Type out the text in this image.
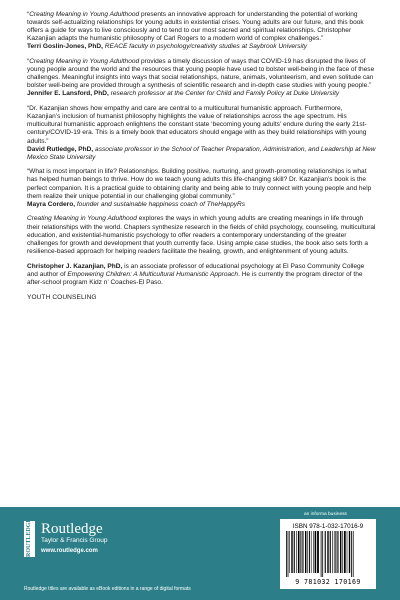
“Creating Meaning in Young Adulthood presents an innovative approach for understanding the potential of working towards self-actualizing relationships for young adults in existential crises. Young adults are our future, and this book offers a guide for ways to live consciously and to tend to our most sacred and spiritual relationships. Christopher Kazanjian adapts the humanistic philosophy of Carl Rogers to a modern world of complex challenges.”

Terri Goslin-Jones, PhD, REACE faculty in psychology/creativity studies at Saybrook University

“Creating Meaning in Young Adulthood provides a timely discussion of ways that COVID-19 has disrupted the lives of young people around the world and the resources that young people have used to bolster well-being in the face of these challenges. Meaningful insights into ways that social relationships, nature, animals, volunteerism, and even solitude can bolster well-being are provided through a synthesis of scientific research and in-depth case studies with young people.”

Jennifer E. Lansford, PhD, research professor at the Center for Child and Family Policy at Duke University

“Dr. Kazanjian shows how empathy and care are central to a multicultural humanistic approach. Furthermore, Kazanjian’s inclusion of humanist philosophy highlights the value of relationships across the age spectrum. His multicultural humanistic approach enlightens the constant state ‘becoming young adults’ endure during the early 21st-century/COVID-19 era. This is a timely book that educators should engage with as they build relationships with young adults.”

David Rutledge, PhD, associate professor in the School of Teacher Preparation, Administration, and Leadership at New Mexico State University

“What is most important in life? Relationships. Building positive, nurturing, and growth-promoting relationships is what has helped human beings to thrive. How do we teach young adults this life-changing skill? Dr. Kazanjian’s book is the perfect companion. It is a practical guide to obtaining clarity and being able to truly connect with young people and help them realize their unique potential in our challenging global community.”

Mayra Cordero, founder and sustainable happiness coach of TheHappyRs

Creating Meaning in Young Adulthood explores the ways in which young adults are creating meanings in life through their relationships with the world. Chapters synthesize research in the fields of child psychology, counseling, multicultural education, and existential-humanistic psychology to offer readers a contemporary understanding of the greater challenges for growth and development that youth currently face. Using ample case studies, the book also sets forth a resilience-based approach for helping readers facilitate the healing, growth, and enlightenment of young adults.

Christopher J. Kazanjian, PhD, is an associate professor of educational psychology at El Paso Community College and author of Empowering Children: A Multicultural Humanistic Approach. He is currently the program director of the after-school program Kidz n’ Coaches-El Paso.

YOUTH COUNSELING

ROUTLEDGE Routledge
Taylor & Francis Group
www.routledge.com
Routledge titles are available as eBook editions in a range of digital formats
an informa business
ISBN 978-1-032-17016-9
9 781032 170169
